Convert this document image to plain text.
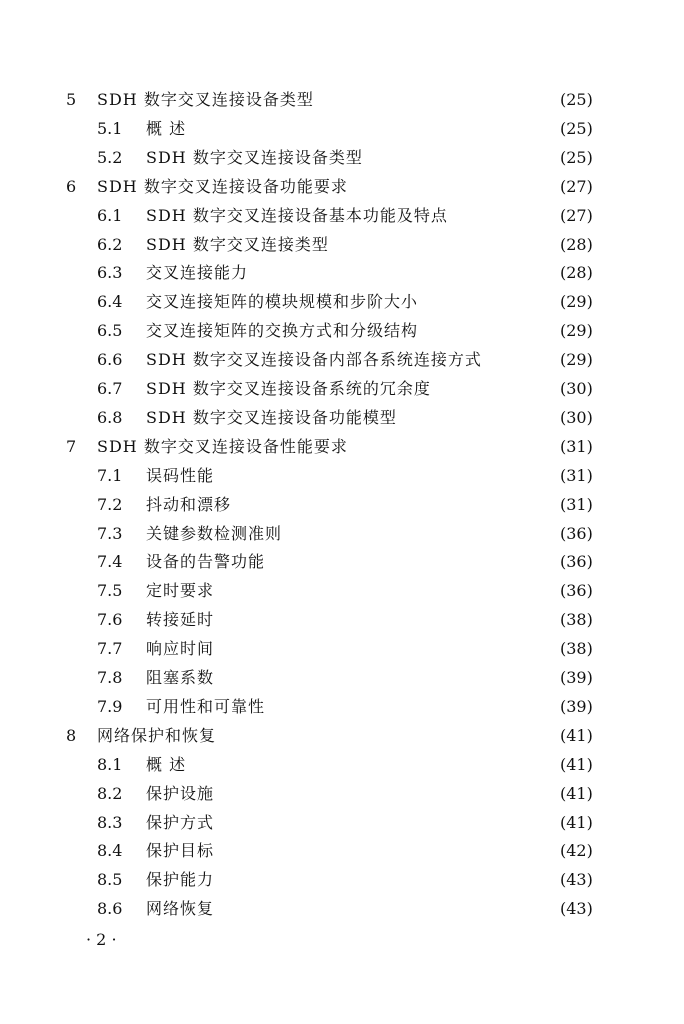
5	SDH 数字交叉连接设备类型	(25)
5.1	概 述	(25)
5.2	SDH 数字交叉连接设备类型	(25)
6	SDH 数字交叉连接设备功能要求	(27)
6.1	SDH 数字交叉连接设备基本功能及特点	(27)
6.2	SDH 数字交叉连接类型	(28)
6.3	交叉连接能力	(28)
6.4	交叉连接矩阵的模块规模和步阶大小	(29)
6.5	交叉连接矩阵的交换方式和分级结构	(29)
6.6	SDH 数字交叉连接设备内部各系统连接方式	(29)
6.7	SDH 数字交叉连接设备系统的冗余度	(30)
6.8	SDH 数字交叉连接设备功能模型	(30)
7	SDH 数字交叉连接设备性能要求	(31)
7.1	误码性能	(31)
7.2	抖动和漂移	(31)
7.3	关键参数检测准则	(36)
7.4	设备的告警功能	(36)
7.5	定时要求	(36)
7.6	转接延时	(38)
7.7	响应时间	(38)
7.8	阻塞系数	(39)
7.9	可用性和可靠性	(39)
8	网络保护和恢复	(41)
8.1	概 述	(41)
8.2	保护设施	(41)
8.3	保护方式	(41)
8.4	保护目标	(42)
8.5	保护能力	(43)
8.6	网络恢复	(43)
· 2 ·
